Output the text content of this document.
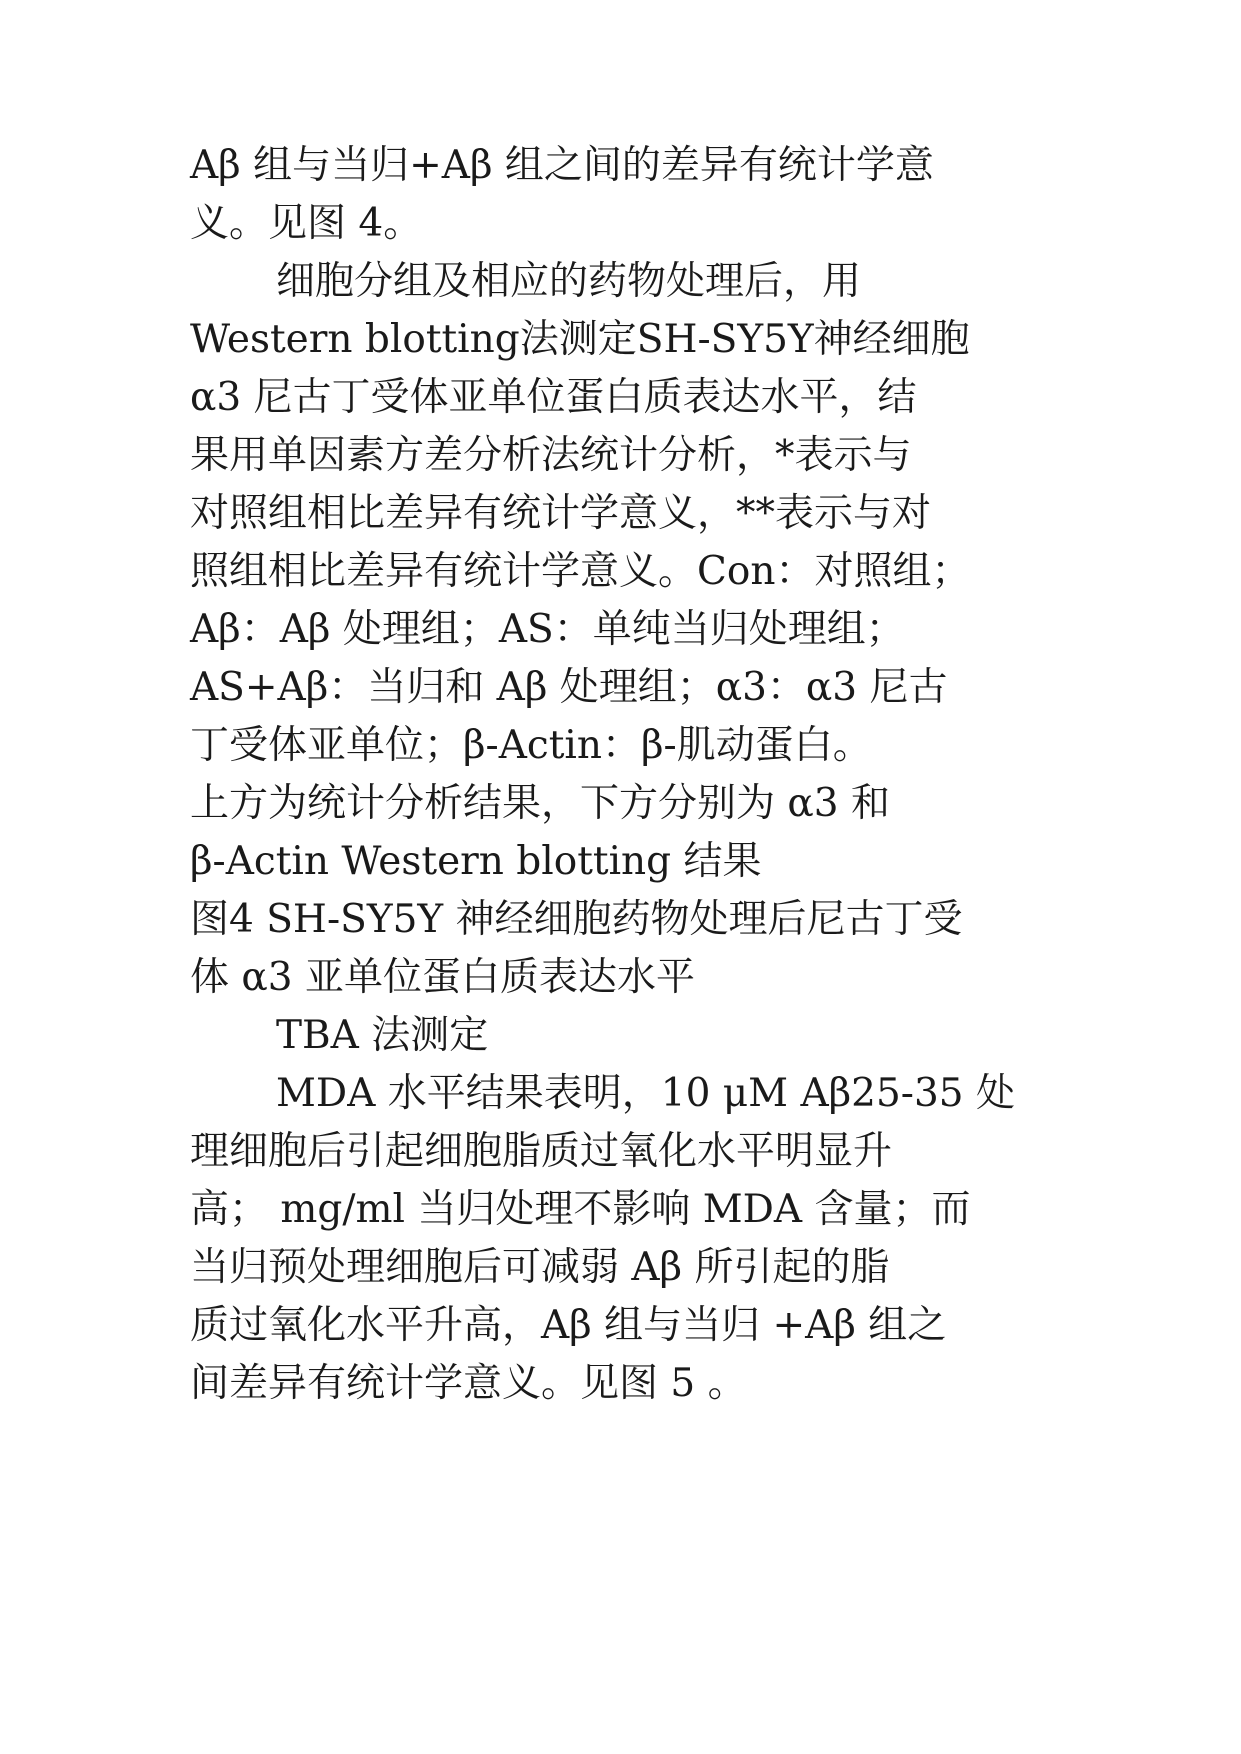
Aβ 组与当归+Aβ 组之间的差异有统计学意
义。见图 4。
细胞分组及相应的药物处理后，用
Western blotting法测定SH-SY5Y神经细胞
α3 尼古丁受体亚单位蛋白质表达水平，结
果用单因素方差分析法统计分析，*表示与
对照组相比差异有统计学意义，**表示与对
照组相比差异有统计学意义。Con：对照组；
Aβ：Aβ 处理组；AS：单纯当归处理组；
AS+Aβ：当归和 Aβ 处理组；α3：α3 尼古
丁受体亚单位；β-Actin：β-肌动蛋白。
上方为统计分析结果，下方分别为 α3 和
β-Actin Western blotting 结果
图4 SH-SY5Y 神经细胞药物处理后尼古丁受
体 α3 亚单位蛋白质表达水平
TBA 法测定
MDA 水平结果表明，10 μM Aβ25-35 处
理细胞后引起细胞脂质过氧化水平明显升
高； mg/ml 当归处理不影响 MDA 含量；而
当归预处理细胞后可减弱 Aβ 所引起的脂
质过氧化水平升高，Aβ 组与当归 +Aβ 组之
间差异有统计学意义。见图 5 。
